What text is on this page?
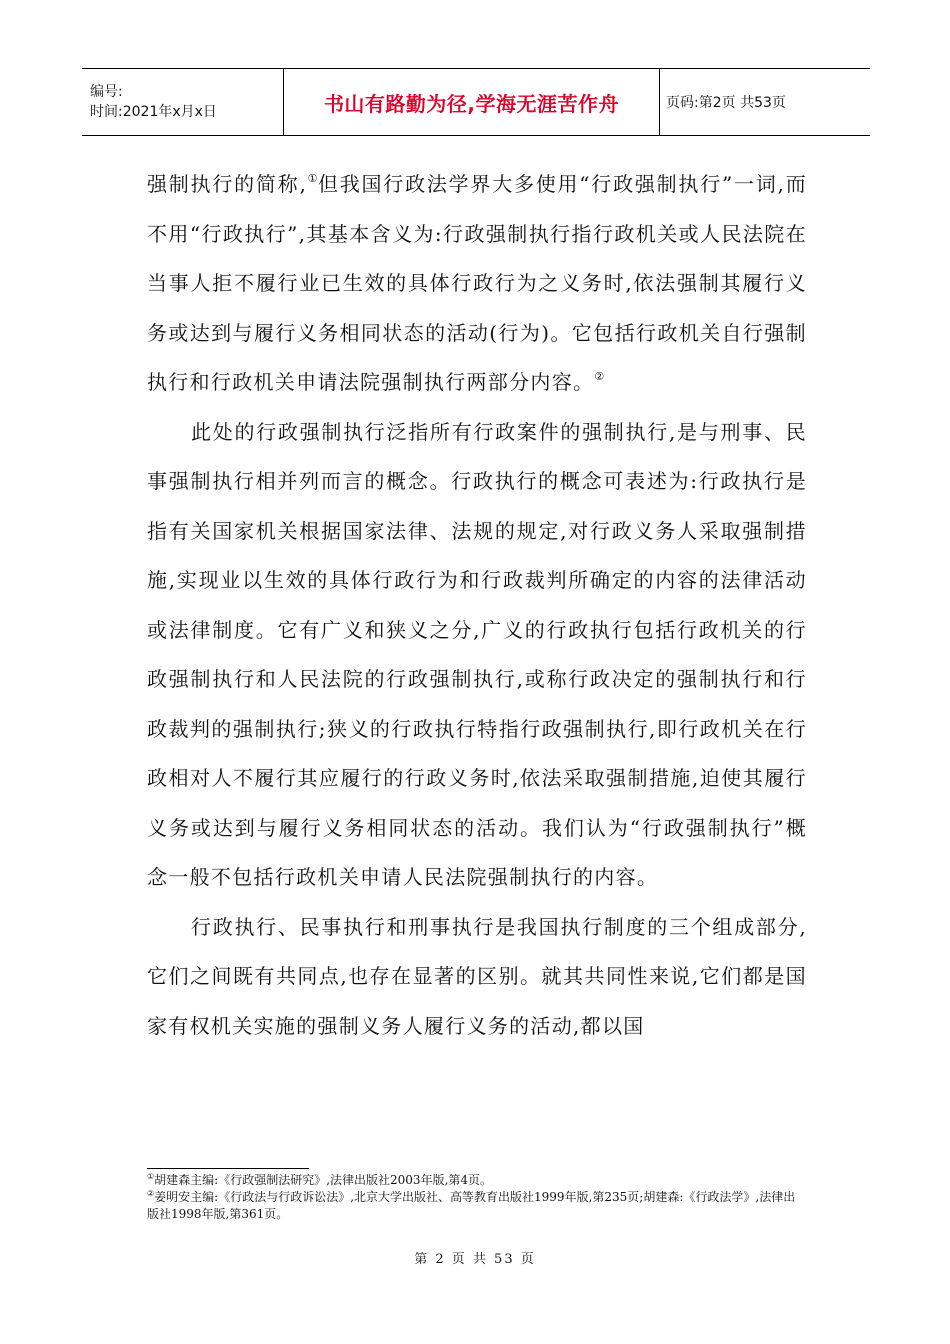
编号:
时间:2021年x月x日	书山有路勤为径,学海无涯苦作舟	页码:第2页 共53页

强制执行的简称,①但我国行政法学界大多使用“行政强制执行”一词,而不用“行政执行”,其基本含义为:行政强制执行指行政机关或人民法院在当事人拒不履行业已生效的具体行政行为之义务时,依法强制其履行义务或达到与履行义务相同状态的活动(行为)。它包括行政机关自行强制执行和行政机关申请法院强制执行两部分内容。②

此处的行政强制执行泛指所有行政案件的强制执行,是与刑事、民事强制执行相并列而言的概念。行政执行的概念可表述为:行政执行是指有关国家机关根据国家法律、法规的规定,对行政义务人采取强制措施,实现业以生效的具体行政行为和行政裁判所确定的内容的法律活动或法律制度。它有广义和狭义之分,广义的行政执行包括行政机关的行政强制执行和人民法院的行政强制执行,或称行政决定的强制执行和行政裁判的强制执行;狭义的行政执行特指行政强制执行,即行政机关在行政相对人不履行其应履行的行政义务时,依法采取强制措施,迫使其履行义务或达到与履行义务相同状态的活动。我们认为“行政强制执行”概念一般不包括行政机关申请人民法院强制执行的内容。

行政执行、民事执行和刑事执行是我国执行制度的三个组成部分,它们之间既有共同点,也存在显著的区别。就其共同性来说,它们都是国家有权机关实施的强制义务人履行义务的活动,都以国

①胡建森主编:《行政强制法研究》,法律出版社2003年版,第4页。
②姜明安主编:《行政法与行政诉讼法》,北京大学出版社、高等教育出版社1999年版,第235页;胡建森:《行政法学》,法律出版社1998年版,第361页。
第 2 页 共 53 页
